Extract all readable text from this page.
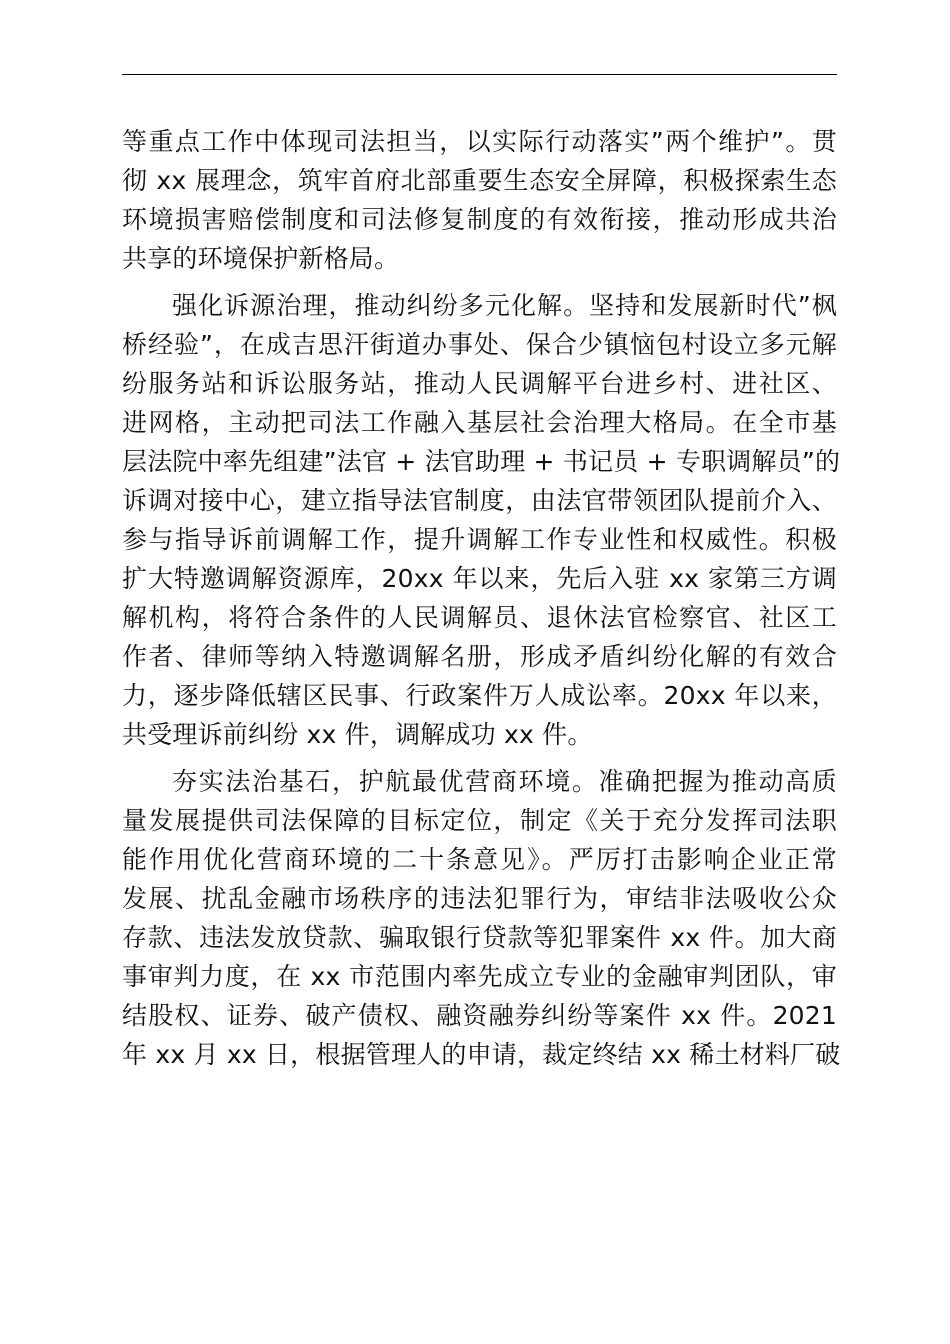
等重点工作中体现司法担当，以实际行动落实”两个维护”。贯
彻 xx 展理念，筑牢首府北部重要生态安全屏障，积极探索生态
环境损害赔偿制度和司法修复制度的有效衔接，推动形成共治
共享的环境保护新格局。
强化诉源治理，推动纠纷多元化解。坚持和发展新时代”枫
桥经验”，在成吉思汗街道办事处、保合少镇恼包村设立多元解
纷服务站和诉讼服务站，推动人民调解平台进乡村、进社区、
进网格，主动把司法工作融入基层社会治理大格局。在全市基
层法院中率先组建”法官 + 法官助理 + 书记员 + 专职调解员”的
诉调对接中心，建立指导法官制度，由法官带领团队提前介入、
参与指导诉前调解工作，提升调解工作专业性和权威性。积极
扩大特邀调解资源库，20xx 年以来，先后入驻 xx 家第三方调
解机构，将符合条件的人民调解员、退休法官检察官、社区工
作者、律师等纳入特邀调解名册，形成矛盾纠纷化解的有效合
力，逐步降低辖区民事、行政案件万人成讼率。20xx 年以来，
共受理诉前纠纷 xx 件，调解成功 xx 件。
夯实法治基石，护航最优营商环境。准确把握为推动高质
量发展提供司法保障的目标定位，制定《关于充分发挥司法职
能作用优化营商环境的二十条意见》。严厉打击影响企业正常
发展、扰乱金融市场秩序的违法犯罪行为，审结非法吸收公众
存款、违法发放贷款、骗取银行贷款等犯罪案件 xx 件。加大商
事审判力度，在 xx 市范围内率先成立专业的金融审判团队，审
结股权、证券、破产债权、融资融券纠纷等案件 xx 件。2021
年 xx 月 xx 日，根据管理人的申请，裁定终结 xx 稀土材料厂破
